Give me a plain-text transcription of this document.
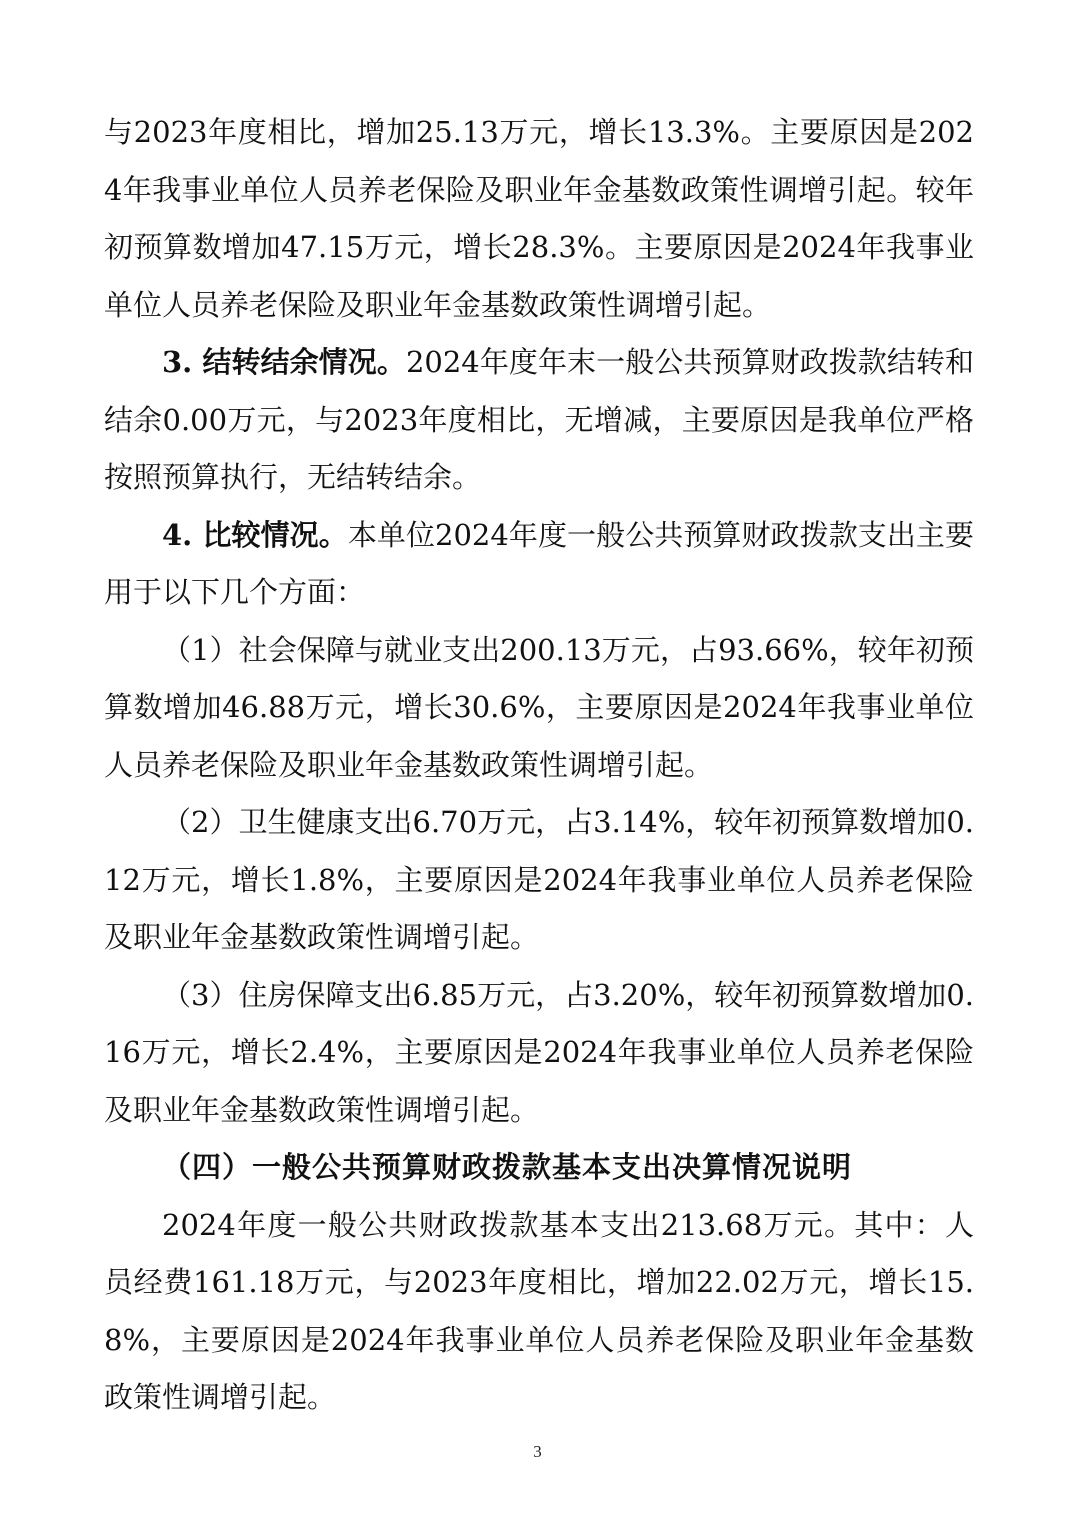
与2023年度相比，增加25.13万元，增长13.3%。主要原因是2024年我事业单位人员养老保险及职业年金基数政策性调增引起。较年初预算数增加47.15万元，增长28.3%。主要原因是2024年我事业单位人员养老保险及职业年金基数政策性调增引起。

3. 结转结余情况。2024年度年末一般公共预算财政拨款结转和结余0.00万元，与2023年度相比，无增减，主要原因是我单位严格按照预算执行，无结转结余。

4. 比较情况。本单位2024年度一般公共预算财政拨款支出主要用于以下几个方面：

（1）社会保障与就业支出200.13万元，占93.66%，较年初预算数增加46.88万元，增长30.6%，主要原因是2024年我事业单位人员养老保险及职业年金基数政策性调增引起。

（2）卫生健康支出6.70万元，占3.14%，较年初预算数增加0.12万元，增长1.8%，主要原因是2024年我事业单位人员养老保险及职业年金基数政策性调增引起。

（3）住房保障支出6.85万元，占3.20%，较年初预算数增加0.16万元，增长2.4%，主要原因是2024年我事业单位人员养老保险及职业年金基数政策性调增引起。

（四）一般公共预算财政拨款基本支出决算情况说明

2024年度一般公共财政拨款基本支出213.68万元。其中：人员经费161.18万元，与2023年度相比，增加22.02万元，增长15.8%，主要原因是2024年我事业单位人员养老保险及职业年金基数政策性调增引起。

3
